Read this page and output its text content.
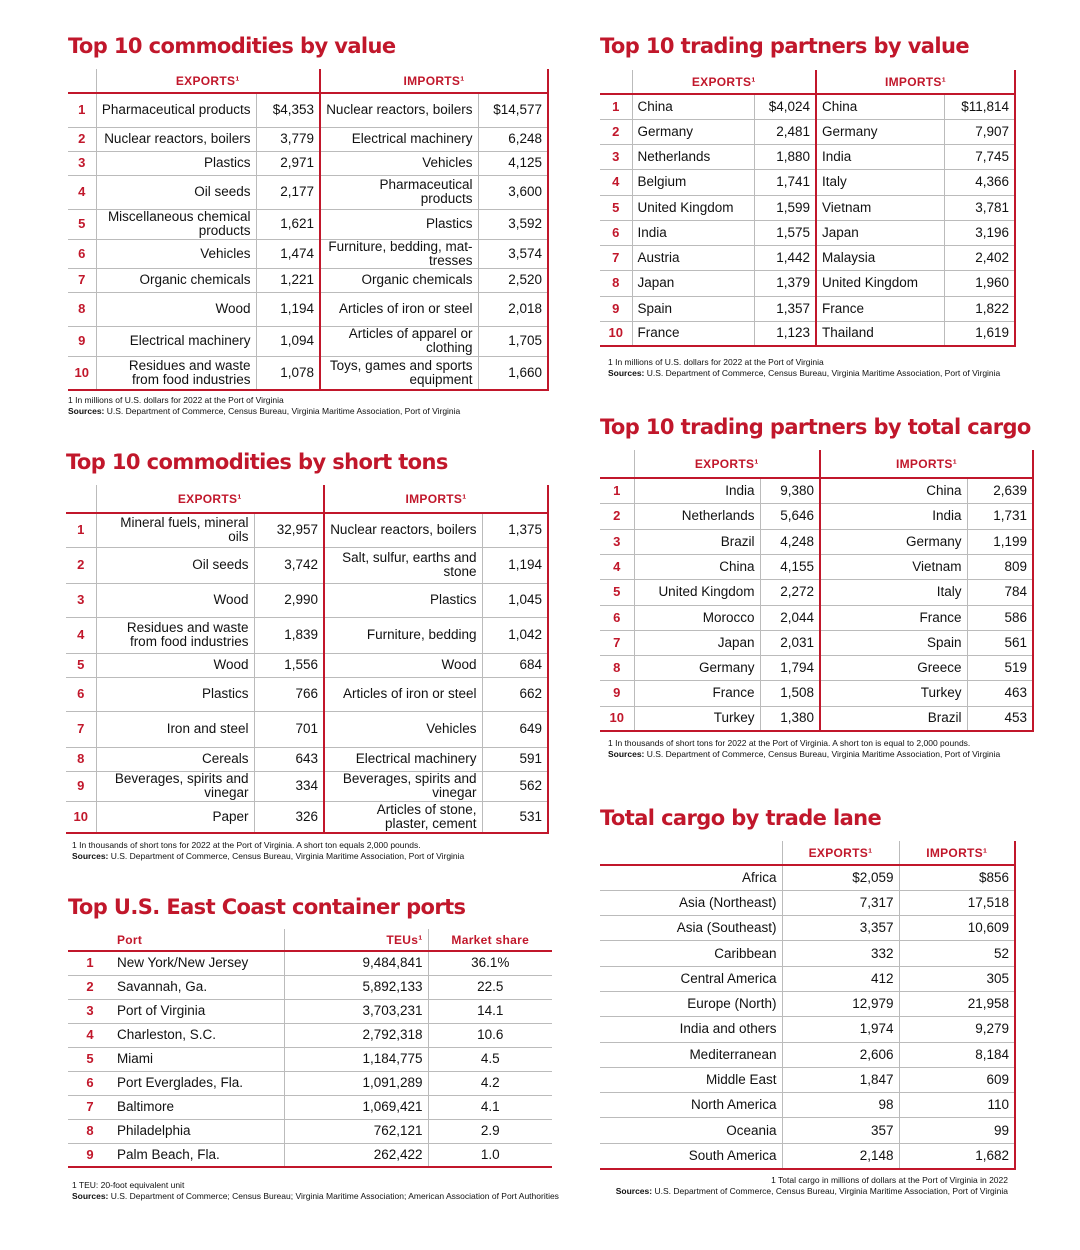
Top 10 commodities by value
	EXPORTS¹		IMPORTS¹	
1	Pharmaceutical products	$4,353	Nuclear reactors, boilers	$14,577
2	Nuclear reactors, boilers	3,779	Electrical machinery	6,248
3	Plastics	2,971	Vehicles	4,125
4	Oil seeds	2,177	Pharmaceutical products	3,600
5	Miscellaneous chemical products	1,621	Plastics	3,592
6	Vehicles	1,474	Furniture, bedding, mat-tresses	3,574
7	Organic chemicals	1,221	Organic chemicals	2,520
8	Wood	1,194	Articles of iron or steel	2,018
9	Electrical machinery	1,094	Articles of apparel or clothing	1,705
10	Residues and waste from food industries	1,078	Toys, games and sports equipment	1,660
1 In millions of U.S. dollars for 2022 at the Port of Virginia
Sources: U.S. Department of Commerce, Census Bureau, Virginia Maritime Association, Port of Virginia
Top 10 commodities by short tons
	EXPORTS¹		IMPORTS¹	
1	Mineral fuels, mineral oils	32,957	Nuclear reactors, boilers	1,375
2	Oil seeds	3,742	Salt, sulfur, earths and stone	1,194
3	Wood	2,990	Plastics	1,045
4	Residues and waste from food industries	1,839	Furniture, bedding	1,042
5	Wood	1,556	Wood	684
6	Plastics	766	Articles of iron or steel	662
7	Iron and steel	701	Vehicles	649
8	Cereals	643	Electrical machinery	591
9	Beverages, spirits and vinegar	334	Beverages, spirits and vinegar	562
10	Paper	326	Articles of stone, plaster, cement	531
1 In thousands of short tons for 2022 at the Port of Virginia. A short ton equals 2,000 pounds.
Sources: U.S. Department of Commerce, Census Bureau, Virginia Maritime Association, Port of Virginia
Top U.S. East Coast container ports
	Port	TEUs¹	Market share
1	New York/New Jersey	9,484,841	36.1%
2	Savannah, Ga.	5,892,133	22.5
3	Port of Virginia	3,703,231	14.1
4	Charleston, S.C.	2,792,318	10.6
5	Miami	1,184,775	4.5
6	Port Everglades, Fla.	1,091,289	4.2
7	Baltimore	1,069,421	4.1
8	Philadelphia	762,121	2.9
9	Palm Beach, Fla.	262,422	1.0
1 TEU: 20-foot equivalent unit
Sources: U.S. Department of Commerce; Census Bureau; Virginia Maritime Association; American Association of Port Authorities
Top 10 trading partners by value
	EXPORTS¹		IMPORTS¹	
1	China	$4,024	China	$11,814
2	Germany	2,481	Germany	7,907
3	Netherlands	1,880	India	7,745
4	Belgium	1,741	Italy	4,366
5	United Kingdom	1,599	Vietnam	3,781
6	India	1,575	Japan	3,196
7	Austria	1,442	Malaysia	2,402
8	Japan	1,379	United Kingdom	1,960
9	Spain	1,357	France	1,822
10	France	1,123	Thailand	1,619
1 In millions of U.S. dollars for 2022 at the Port of Virginia
Sources: U.S. Department of Commerce, Census Bureau, Virginia Maritime Association, Port of Virginia
Top 10 trading partners by total cargo
	EXPORTS¹		IMPORTS¹	
1	India	9,380	China	2,639
2	Netherlands	5,646	India	1,731
3	Brazil	4,248	Germany	1,199
4	China	4,155	Vietnam	809
5	United Kingdom	2,272	Italy	784
6	Morocco	2,044	France	586
7	Japan	2,031	Spain	561
8	Germany	1,794	Greece	519
9	France	1,508	Turkey	463
10	Turkey	1,380	Brazil	453
1 In thousands of short tons for 2022 at the Port of Virginia. A short ton is equal to 2,000 pounds.
Sources: U.S. Department of Commerce, Census Bureau, Virginia Maritime Association, Port of Virginia
Total cargo by trade lane
	EXPORTS¹	IMPORTS¹
Africa	$2,059	$856
Asia (Northeast)	7,317	17,518
Asia (Southeast)	3,357	10,609
Caribbean	332	52
Central America	412	305
Europe (North)	12,979	21,958
India and others	1,974	9,279
Mediterranean	2,606	8,184
Middle East	1,847	609
North America	98	110
Oceania	357	99
South America	2,148	1,682
1 Total cargo in millions of dollars at the Port of Virginia in 2022
Sources: U.S. Department of Commerce, Census Bureau, Virginia Maritime Association, Port of Virginia
